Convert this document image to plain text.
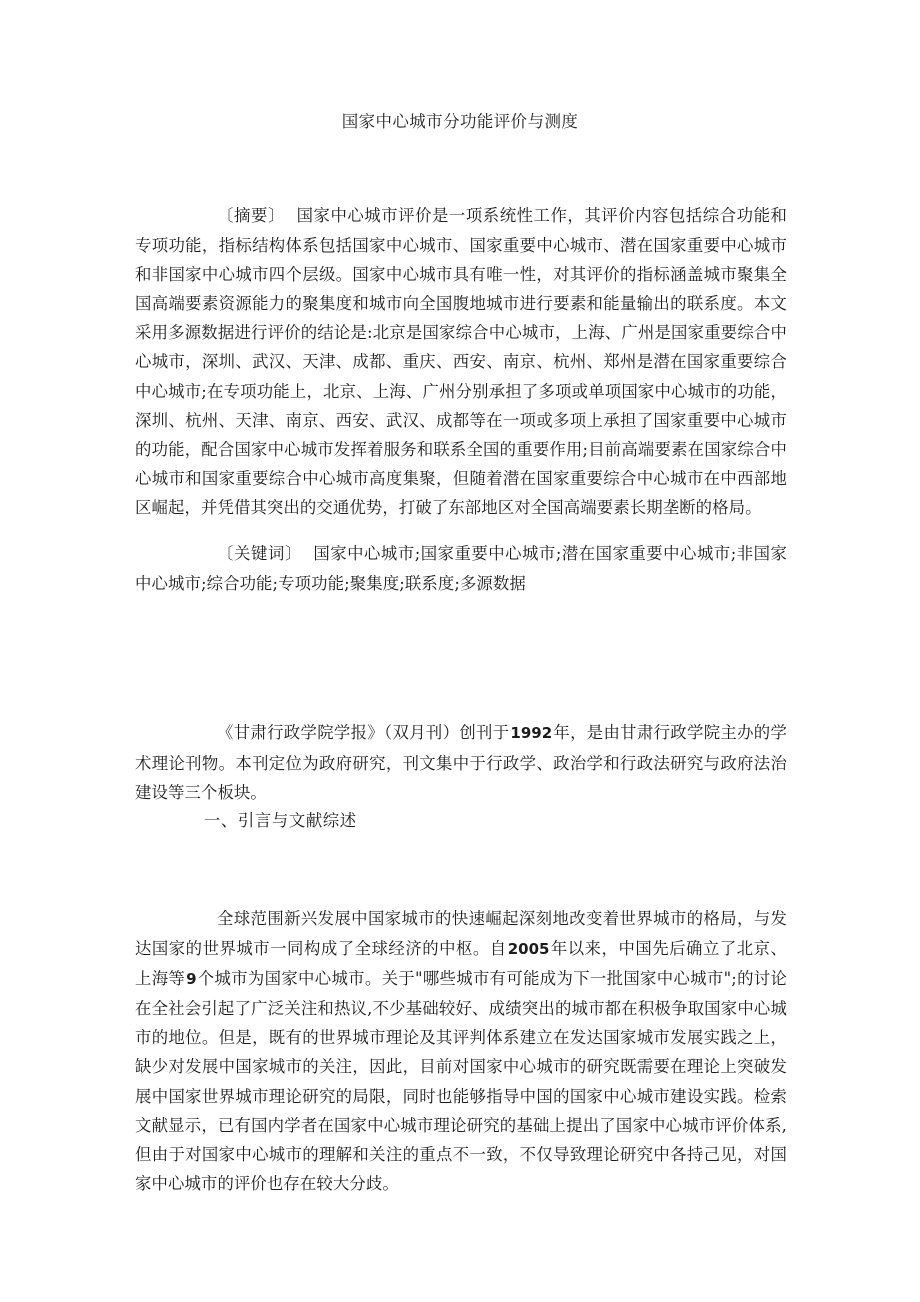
国家中心城市分功能评价与测度

〔摘要〕 国家中心城市评价是一项系统性工作，其评价内容包括综合功能和专项功能，指标结构体系包括国家中心城市、国家重要中心城市、潜在国家重要中心城市和非国家中心城市四个层级。国家中心城市具有唯一性，对其评价的指标涵盖城市聚集全国高端要素资源能力的聚集度和城市向全国腹地城市进行要素和能量输出的联系度。本文采用多源数据进行评价的结论是:北京是国家综合中心城市，上海、广州是国家重要综合中心城市，深圳、武汉、天津、成都、重庆、西安、南京、杭州、郑州是潜在国家重要综合中心城市;在专项功能上，北京、上海、广州分别承担了多项或单项国家中心城市的功能，深圳、杭州、天津、南京、西安、武汉、成都等在一项或多项上承担了国家重要中心城市的功能，配合国家中心城市发挥着服务和联系全国的重要作用;目前高端要素在国家综合中心城市和国家重要综合中心城市高度集聚，但随着潜在国家重要综合中心城市在中西部地区崛起，并凭借其突出的交通优势，打破了东部地区对全国高端要素长期垄断的格局。

〔关键词〕 国家中心城市;国家重要中心城市;潜在国家重要中心城市;非国家中心城市;综合功能;专项功能;聚集度;联系度;多源数据

《甘肃行政学院学报》（双月刊）创刊于1992年，是由甘肃行政学院主办的学术理论刊物。本刊定位为政府研究，刊文集中于行政学、政治学和行政法研究与政府法治建设等三个板块。

一、引言与文献综述

全球范围新兴发展中国家城市的快速崛起深刻地改变着世界城市的格局，与发达国家的世界城市一同构成了全球经济的中枢。自2005年以来，中国先后确立了北京、上海等9个城市为国家中心城市。关于"哪些城市有可能成为下一批国家中心城市";的讨论在全社会引起了广泛关注和热议,不少基础较好、成绩突出的城市都在积极争取国家中心城市的地位。但是，既有的世界城市理论及其评判体系建立在发达国家城市发展实践之上，缺少对发展中国家城市的关注，因此，目前对国家中心城市的研究既需要在理论上突破发展中国家世界城市理论研究的局限，同时也能够指导中国的国家中心城市建设实践。检索文献显示，已有国内学者在国家中心城市理论研究的基础上提出了国家中心城市评价体系,但由于对国家中心城市的理解和关注的重点不一致，不仅导致理论研究中各持己见，对国家中心城市的评价也存在较大分歧。
